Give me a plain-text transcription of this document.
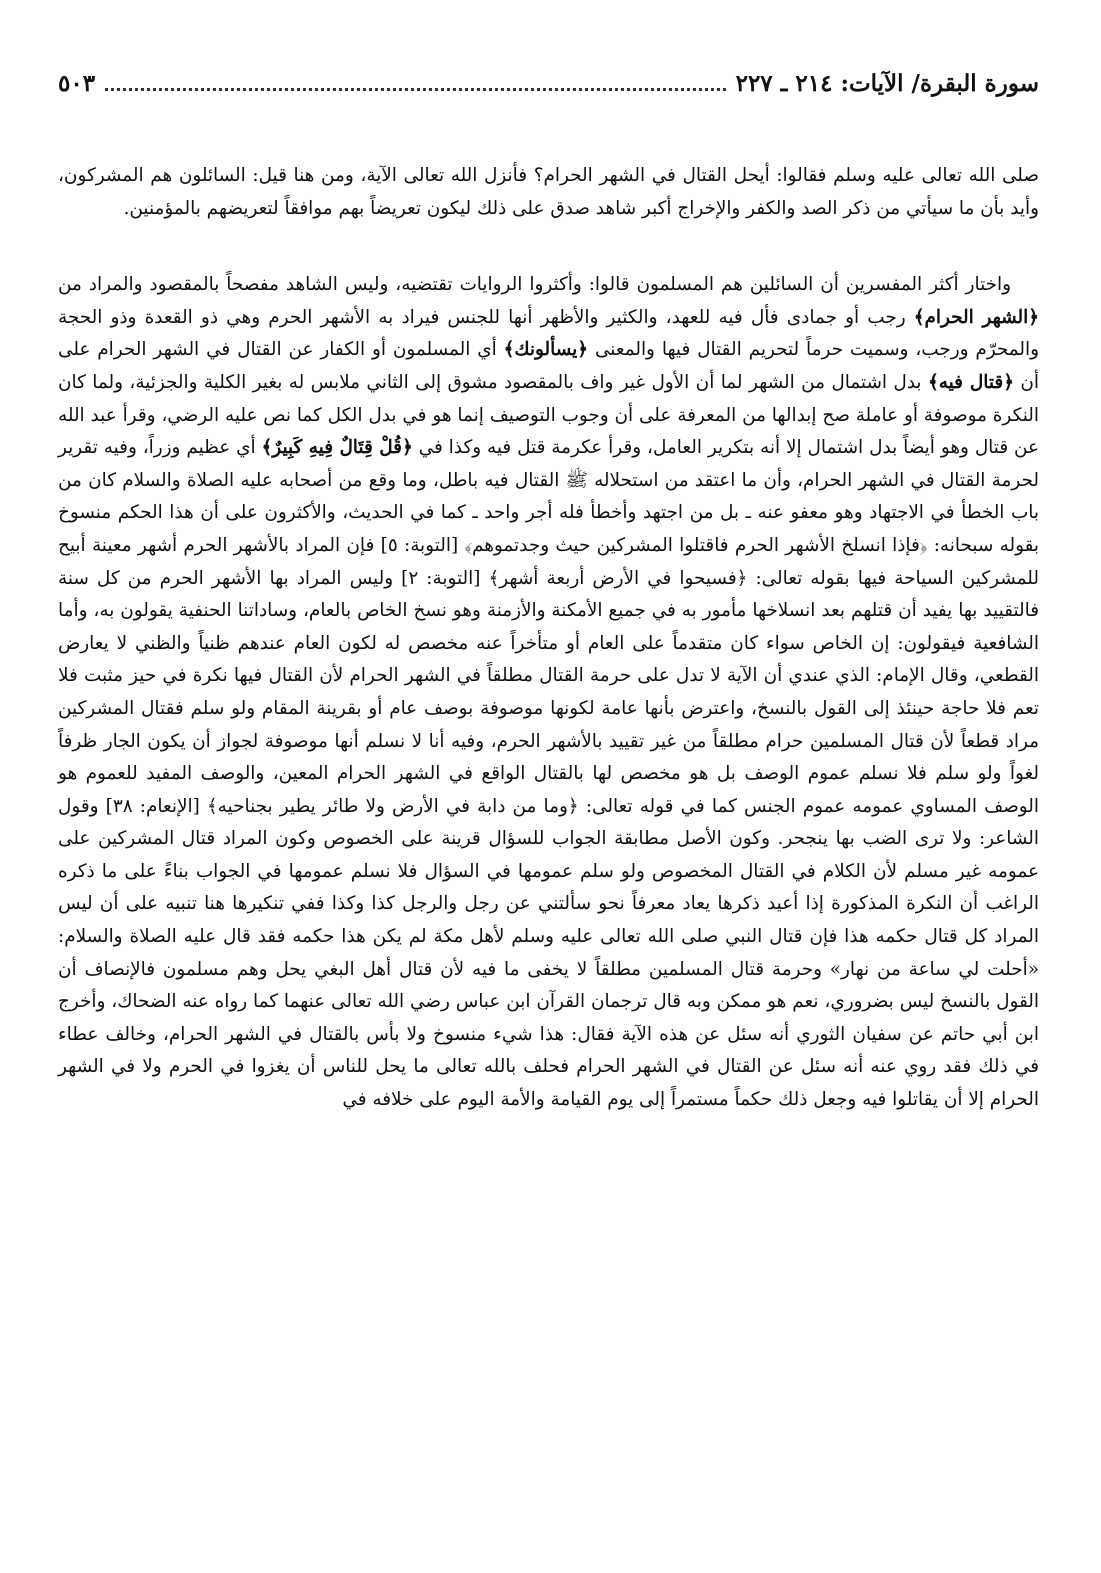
سورة البقرة/ الآيات: ٢١٤ ـ ٢٢٧
٥٠٣

صلى الله تعالى عليه وسلم فقالوا: أيحل القتال في الشهر الحرام؟ فأنزل الله تعالى الآية، ومن هنا قيل: السائلون هم المشركون، وأيد بأن ما سيأتي من ذكر الصد والكفر والإخراج أكبر شاهد صدق على ذلك ليكون تعريضاً بهم موافقاً لتعريضهم بالمؤمنين.

واختار أكثر المفسرين أن السائلين هم المسلمون قالوا: وأكثروا الروايات تقتضيه، وليس الشاهد مفصحاً بالمقصود والمراد من ﴿الشهر الحرام﴾ رجب أو جمادى فأل فيه للعهد، والكثير والأظهر أنها للجنس فيراد به الأشهر الحرم وهي ذو القعدة وذو الحجة والمحرّم ورجب، وسميت حرماً لتحريم القتال فيها والمعنى ﴿يسألونك﴾ أي المسلمون أو الكفار عن القتال في الشهر الحرام على أن ﴿قتال فيه﴾ بدل اشتمال من الشهر لما أن الأول غير واف بالمقصود مشوق إلى الثاني ملابس له بغير الكلية والجزئية، ولما كان النكرة موصوفة أو عاملة صح إبدالها من المعرفة على أن وجوب التوصيف إنما هو في بدل الكل كما نص عليه الرضي، وقرأ عبد الله عن قتال وهو أيضاً بدل اشتمال إلا أنه بتكرير العامل، وقرأ عكرمة قتل فيه وكذا في ﴿قُلْ قِتَالٌ فِيهِ كَبِيرٌ﴾ أي عظيم وزراً، وفيه تقرير لحرمة القتال في الشهر الحرام، وأن ما اعتقد من استحلاله ﷺ القتال فيه باطل، وما وقع من أصحابه عليه الصلاة والسلام كان من باب الخطأ في الاجتهاد وهو معفو عنه ـ بل من اجتهد وأخطأ فله أجر واحد ـ كما في الحديث، والأكثرون على أن هذا الحكم منسوخ بقوله سبحانه: ﴿فإذا انسلخ الأشهر الحرم فاقتلوا المشركين حيث وجدتموهم﴾ [التوبة: ٥] فإن المراد بالأشهر الحرم أشهر معينة أبيح للمشركين السياحة فيها بقوله تعالى: ﴿فسيحوا في الأرض أربعة أشهر﴾ [التوبة: ٢] وليس المراد بها الأشهر الحرم من كل سنة فالتقييد بها يفيد أن قتلهم بعد انسلاخها مأمور به في جميع الأمكنة والأزمنة وهو نسخ الخاص بالعام، وساداتنا الحنفية يقولون به، وأما الشافعية فيقولون: إن الخاص سواء كان متقدماً على العام أو متأخراً عنه مخصص له لكون العام عندهم ظنياً والظني لا يعارض القطعي، وقال الإمام: الذي عندي أن الآية لا تدل على حرمة القتال مطلقاً في الشهر الحرام لأن القتال فيها نكرة في حيز مثبت فلا تعم فلا حاجة حينئذ إلى القول بالنسخ، واعترض بأنها عامة لكونها موصوفة بوصف عام أو بقرينة المقام ولو سلم فقتال المشركين مراد قطعاً لأن قتال المسلمين حرام مطلقاً من غير تقييد بالأشهر الحرم، وفيه أنا لا نسلم أنها موصوفة لجواز أن يكون الجار ظرفاً لغواً ولو سلم فلا نسلم عموم الوصف بل هو مخصص لها بالقتال الواقع في الشهر الحرام المعين، والوصف المفيد للعموم هو الوصف المساوي عمومه عموم الجنس كما في قوله تعالى: ﴿وما من دابة في الأرض ولا طائر يطير بجناحيه﴾ [الإنعام: ٣٨] وقول الشاعر: ولا ترى الضب بها ينجحر. وكون الأصل مطابقة الجواب للسؤال قرينة على الخصوص وكون المراد قتال المشركين على عمومه غير مسلم لأن الكلام في القتال المخصوص ولو سلم عمومها في السؤال فلا نسلم عمومها في الجواب بناءً على ما ذكره الراغب أن النكرة المذكورة إذا أعيد ذكرها يعاد معرفاً نحو سألتني عن رجل والرجل كذا وكذا ففي تنكيرها هنا تنبيه على أن ليس المراد كل قتال حكمه هذا فإن قتال النبي صلى الله تعالى عليه وسلم لأهل مكة لم يكن هذا حكمه فقد قال عليه الصلاة والسلام: «أحلت لي ساعة من نهار» وحرمة قتال المسلمين مطلقاً لا يخفى ما فيه لأن قتال أهل البغي يحل وهم مسلمون فالإنصاف أن القول بالنسخ ليس بضروري، نعم هو ممكن وبه قال ترجمان القرآن ابن عباس رضي الله تعالى عنهما كما رواه عنه الضحاك، وأخرج ابن أبي حاتم عن سفيان الثوري أنه سئل عن هذه الآية فقال: هذا شيء منسوخ ولا بأس بالقتال في الشهر الحرام، وخالف عطاء في ذلك فقد روي عنه أنه سئل عن القتال في الشهر الحرام فحلف بالله تعالى ما يحل للناس أن يغزوا في الحرم ولا في الشهر الحرام إلا أن يقاتلوا فيه وجعل ذلك حكماً مستمراً إلى يوم القيامة والأمة اليوم على خلافه في
